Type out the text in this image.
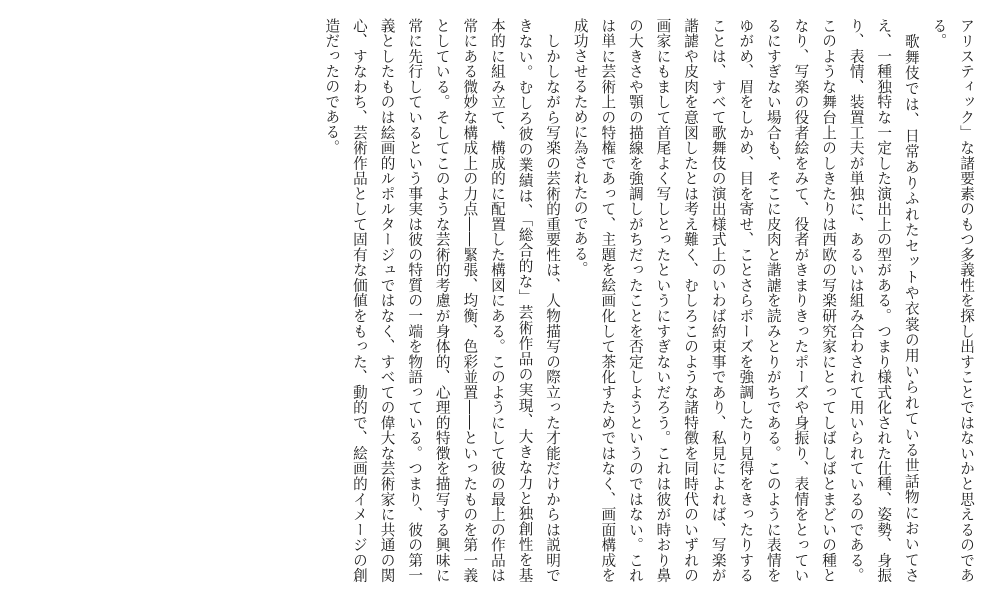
アリスティック」な諸要素のもつ多義性を探し出すことではないかと思えるのである。

　歌舞伎では、日常ありふれたセットや衣裳の用いられている世話物においてさえ、一種独特な一定した演出上の型がある。つまり様式化された仕種、姿勢、身振り、表情、装置工夫が単独に、あるいは組み合わされて用いられているのである。このような舞台上のしきたりは西欧の写楽研究家にとってしばしばとまどいの種となり、写楽の役者絵をみて、役者がきまりきったポーズや身振り、表情をとっているにすぎない場合も、そこに皮肉と諧謔を読みとりがちである。このように表情をゆがめ、眉をしかめ、目を寄せ、ことさらポーズを強調したり見得をきったりすることは、すべて歌舞伎の演出様式上のいわば約束事であり、私見によれば、写楽が諧謔や皮肉を意図したとは考え難く、むしろこのような諸特徴を同時代のいずれの画家にもまして首尾よく写しとったというにすぎないだろう。これは彼が時おり鼻の大きさや顎の描線を強調しがちだったことを否定しようというのではない。これは単に芸術上の特権であって、主題を絵画化して茶化すためではなく、画面構成を成功させるために為されたのである。

　しかしながら写楽の芸術的重要性は、人物描写の際立った才能だけからは説明できない。むしろ彼の業績は、「総合的な」芸術作品の実現、大きな力と独創性を基本的に組み立て、構成的に配置した構図にある。このようにして彼の最上の作品は常にある微妙な構成上の力点――緊張、均衡、色彩並置――といったものを第一義としている。そしてこのような芸術的考慮が身体的、心理的特徴を描写する興味に常に先行しているという事実は彼の特質の一端を物語っている。つまり、彼の第一義としたものは絵画的ルポルタージュではなく、すべての偉大な芸術家に共通の関心、すなわち、芸術作品として固有な価値をもった、動的で、絵画的イメージの創造だったのである。
